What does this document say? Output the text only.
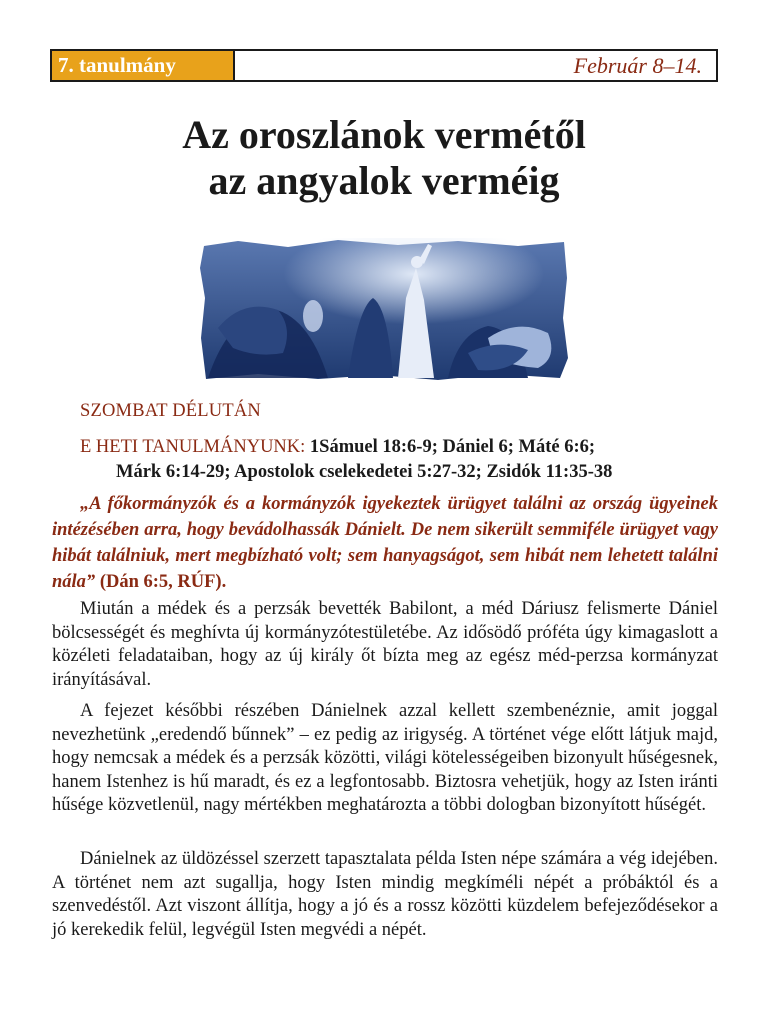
7. tanulmány	Február 8–14.
Az oroszlánok vermétől
az angyalok verméig
SZOMBAT DÉLUTÁN
E HETI TANULMÁNYUNK: 1Sámuel 18:6-9; Dániel 6; Máté 6:6;
Márk 6:14-29; Apostolok cselekedetei 5:27-32; Zsidók 11:35-38
„A főkormányzók és a kormányzók igyekeztek ürügyet találni az ország ügyeinek intézésében arra, hogy bevádolhassák Dánielt. De nem sikerült semmiféle ürügyet vagy hibát találniuk, mert megbízható volt; sem hanyagságot, sem hibát nem lehetett találni nála” (Dán 6:5, RÚF).
Miután a médek és a perzsák bevették Babilont, a méd Dáriusz felismerte Dániel bölcsességét és meghívta új kormányzótestületébe. Az idősödő próféta úgy kimagaslott a közéleti feladataiban, hogy az új király őt bízta meg az egész méd-perzsa kormányzat irányításával.
A fejezet későbbi részében Dánielnek azzal kellett szembenéznie, amit joggal nevezhetünk „eredendő bűnnek” – ez pedig az irigység. A történet vége előtt látjuk majd, hogy nemcsak a médek és a perzsák közötti, világi kötelességeiben bizonyult hűségesnek, hanem Istenhez is hű maradt, és ez a legfontosabb. Biztosra vehetjük, hogy az Isten iránti hűsége közvetlenül, nagy mértékben meghatározta a többi dologban bizonyított hűségét.
Dánielnek az üldözéssel szerzett tapasztalata példa Isten népe számára a vég idejében. A történet nem azt sugallja, hogy Isten mindig megkíméli népét a próbáktól és a szenvedéstől. Azt viszont állítja, hogy a jó és a rossz közötti küzdelem befejeződésekor a jó kerekedik felül, legvégül Isten megvédi a népét.
